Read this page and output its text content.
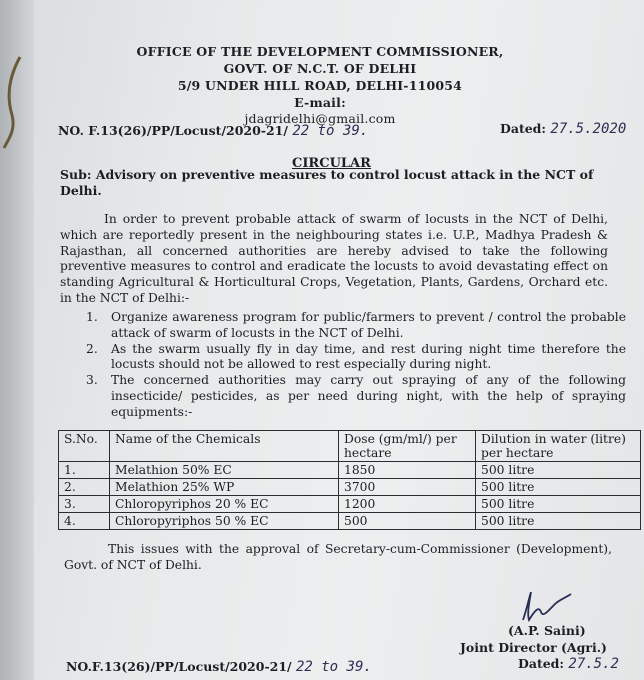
OFFICE OF THE DEVELOPMENT COMMISSIONER,
GOVT. OF N.C.T. OF DELHI
5/9 UNDER HILL ROAD, DELHI-110054
E-mail:
jdagridelhi@gmail.com
NO. F.13(26)/PP/Locust/2020-21/ 22 to 39.	Dated: 27.5.2020
CIRCULAR
Sub: Advisory on preventive measures to control locust attack in the NCT of Delhi.
In order to prevent probable attack of swarm of locusts in the NCT of Delhi, which are reportedly present in the neighbouring states i.e. U.P., Madhya Pradesh & Rajasthan, all concerned authorities are hereby advised to take the following preventive measures to control and eradicate the locusts to avoid devastating effect on standing Agricultural & Horticultural Crops, Vegetation, Plants, Gardens, Orchard etc. in the NCT of Delhi:-
1. Organize awareness program for public/farmers to prevent / control the probable attack of swarm of locusts in the NCT of Delhi.
2. As the swarm usually fly in day time, and rest during night time therefore the locusts should not be allowed to rest especially during night.
3. The concerned authorities may carry out spraying of any of the following insecticide/ pesticides, as per need during night, with the help of spraying equipments:-
S.No.	Name of the Chemicals	Dose (gm/ml/) per hectare	Dilution in water (litre) per hectare
1.	Melathion 50% EC	1850	500 litre
2.	Melathion 25% WP	3700	500 litre
3.	Chloropyriphos 20 % EC	1200	500 litre
4.	Chloropyriphos 50 % EC	500	500 litre
This issues with the approval of Secretary-cum-Commissioner (Development), Govt. of NCT of Delhi.
(A.P. Saini)
Joint Director (Agri.)
NO.F.13(26)/PP/Locust/2020-21/ 22 to 39.	Dated: 27.5.2
